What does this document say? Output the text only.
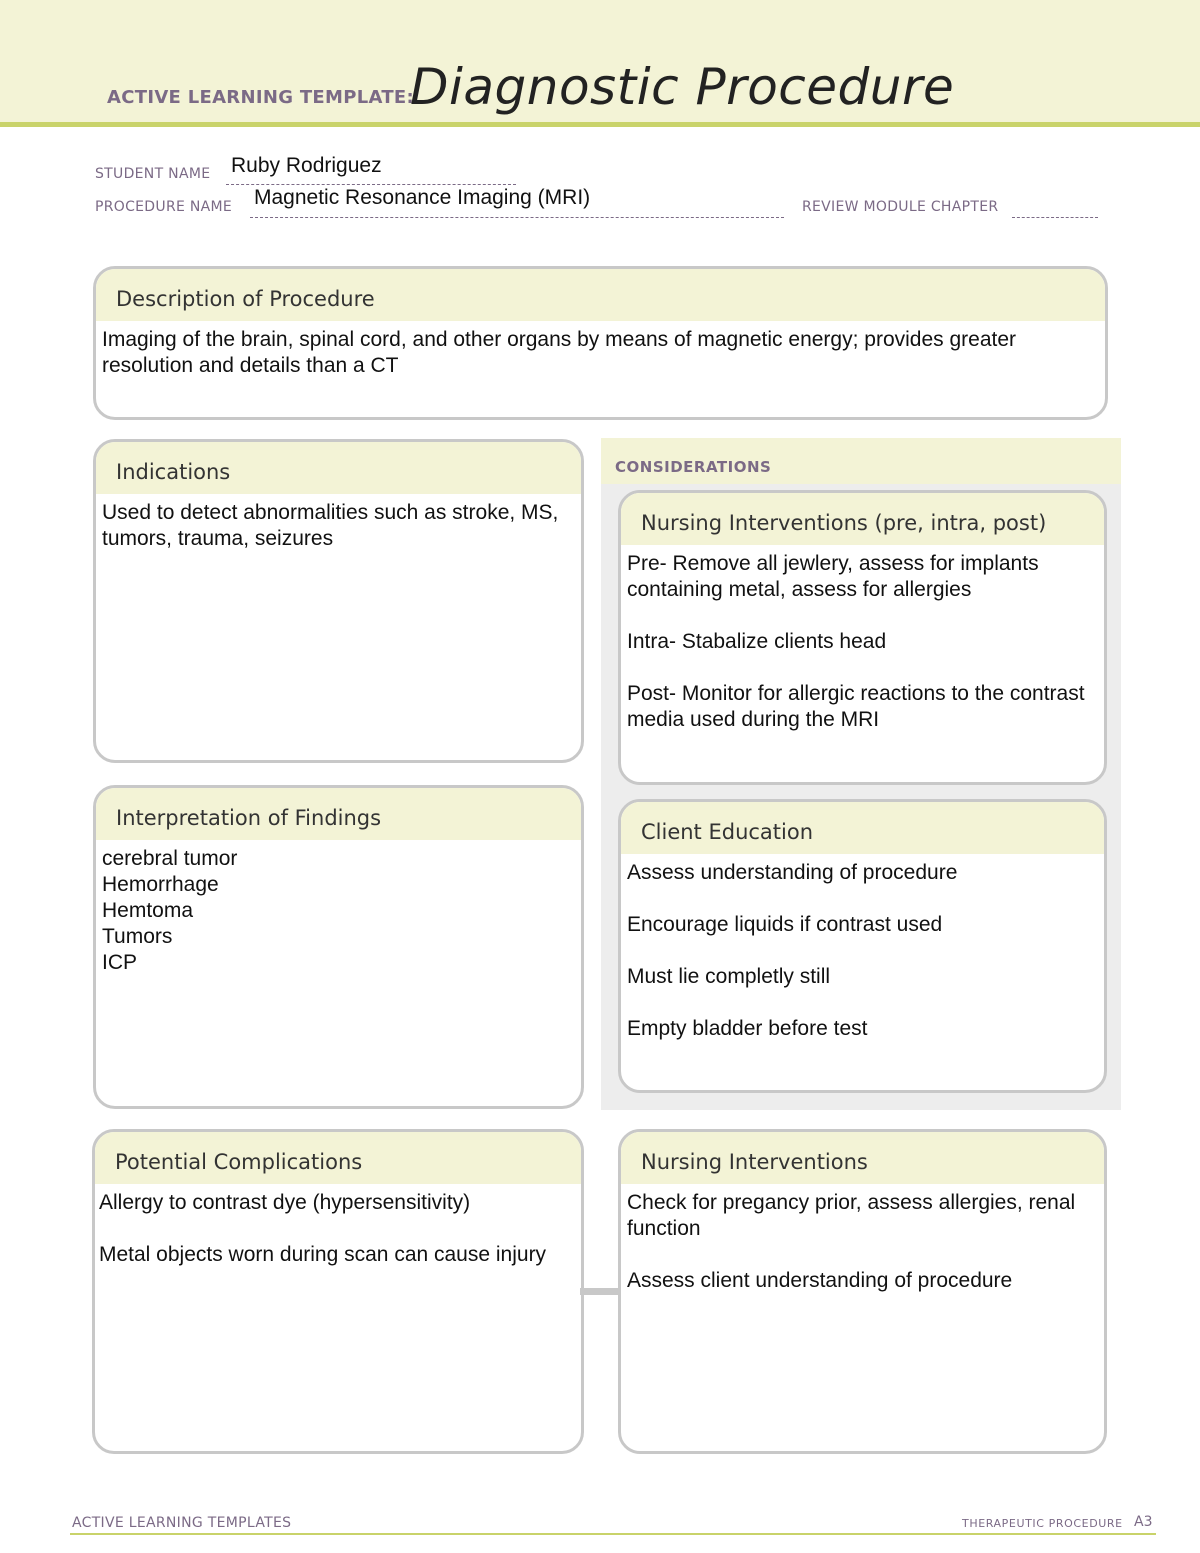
ACTIVE LEARNING TEMPLATE:
Diagnostic Procedure
STUDENT NAME Ruby Rodriguez
PROCEDURE NAME Magnetic Resonance Imaging (MRI)	REVIEW MODULE CHAPTER
Description of Procedure

Imaging of the brain, spinal cord, and other organs by means of magnetic energy; provides greater resolution and details than a CT

Indications

Used to detect abnormalities such as stroke, MS, tumors, trauma, seizures

CONSIDERATIONS
Nursing Interventions (pre, intra, post)

Pre- Remove all jewlery, assess for implants containing metal, assess for allergies

Intra- Stabalize clients head

Post- Monitor for allergic reactions to the contrast media used during the MRI

Client Education

Assess understanding of procedure

Encourage liquids if contrast used

Must lie completly still

Empty bladder before test

Interpretation of Findings

cerebral tumor

Hemorrhage

Hemtoma

Tumors

ICP

Potential Complications

Allergy to contrast dye (hypersensitivity)

Metal objects worn during scan can cause injury

Nursing Interventions

Check for pregancy prior, assess allergies, renal function

Assess client understanding of procedure

ACTIVE LEARNING TEMPLATES	THERAPEUTIC PROCEDURE A3
